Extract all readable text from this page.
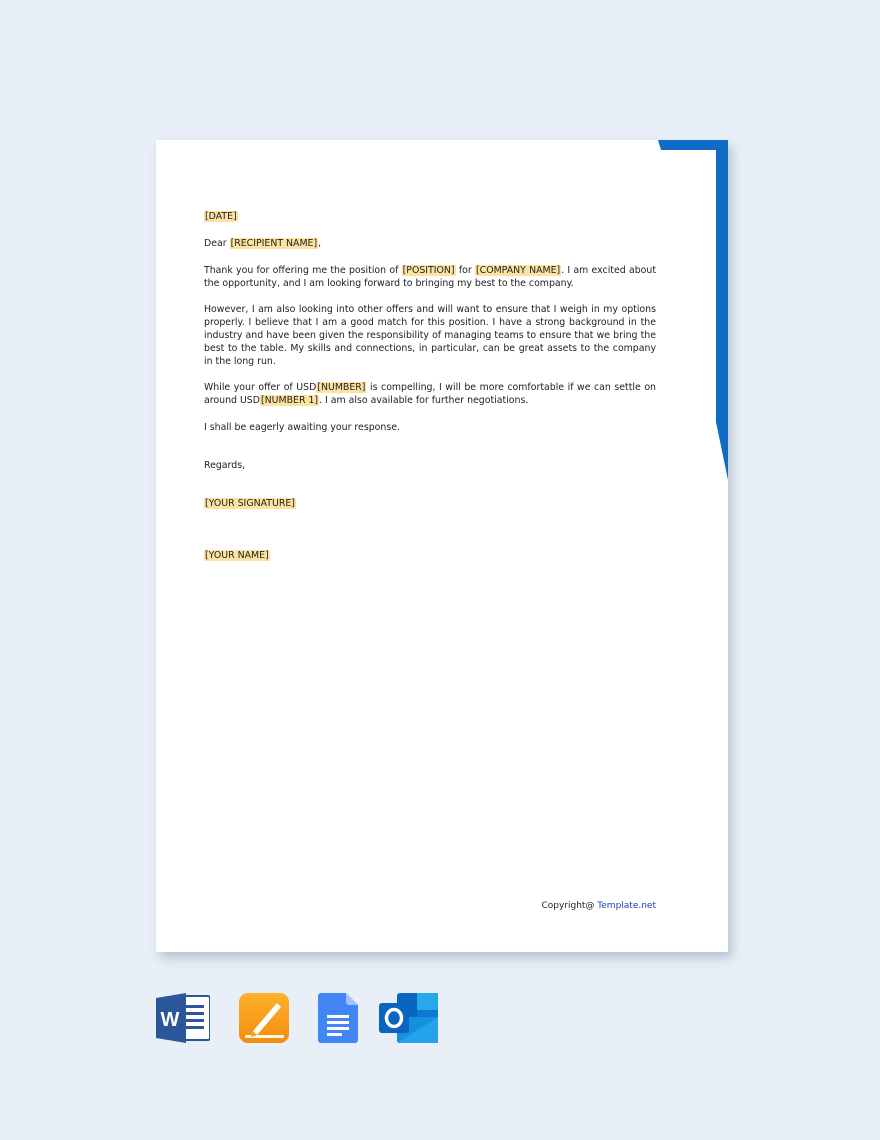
[DATE]

Dear [RECIPIENT NAME],

Thank you for offering me the position of [POSITION] for [COMPANY NAME]. I am excited about the opportunity, and I am looking forward to bringing my best to the company.

However, I am also looking into other offers and will want to ensure that I weigh in my options properly. I believe that I am a good match for this position. I have a strong background in the industry and have been given the responsibility of managing teams to ensure that we bring the best to the table. My skills and connections, in particular, can be great assets to the company in the long run.

While your offer of USD[NUMBER] is compelling, I will be more comfortable if we can settle on around USD[NUMBER 1]. I am also available for further negotiations.

I shall be eagerly awaiting your response.

Regards,

[YOUR SIGNATURE]

[YOUR NAME]

Copyright@ Template.net
W
